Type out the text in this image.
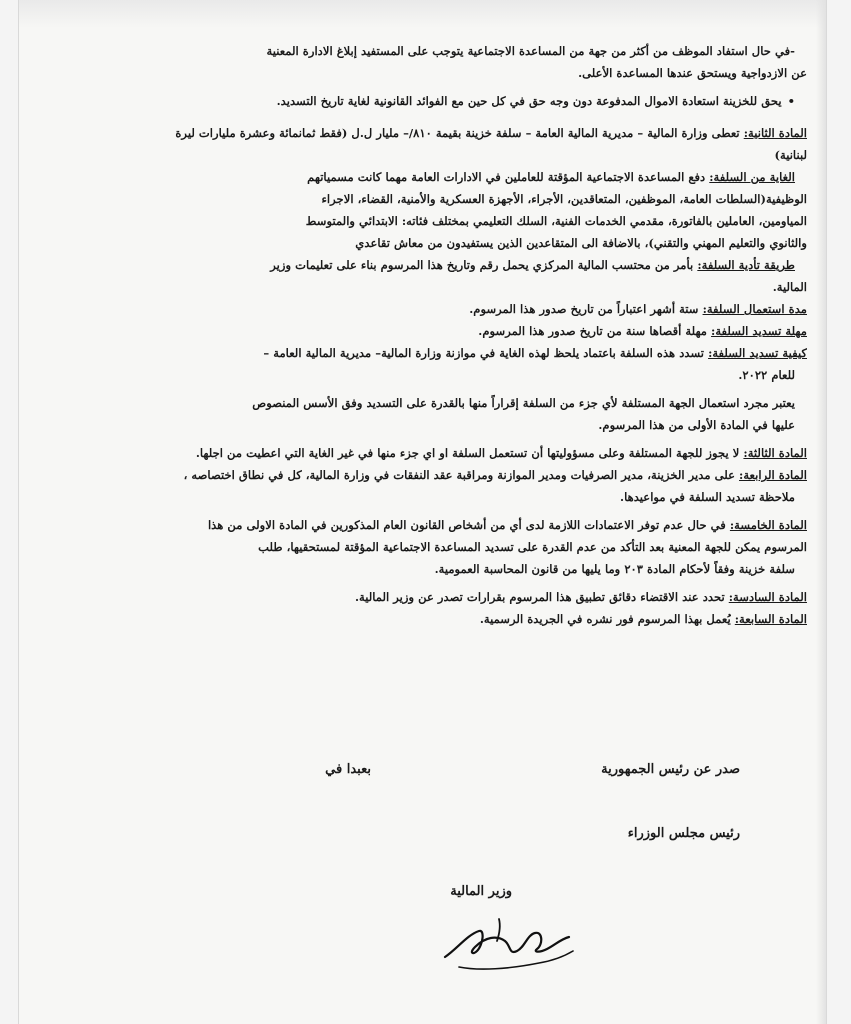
-في حال استفاد الموظف من أكثر من جهة من المساعدة الاجتماعية يتوجب على المستفيد إبلاغ الادارة المعنية
عن الازدواجية ويستحق عندها المساعدة الأعلى.
• يحق للخزينة استعادة الاموال المدفوعة دون وجه حق في كل حين مع الفوائد القانونية لغاية تاريخ التسديد.
المادة الثانية: تعطى وزارة المالية – مديرية المالية العامة – سلفة خزينة بقيمة ۸۱۰/– مليار ل.ل (فقط ثمانمائة وعشرة مليارات ليرة
لبنانية)
الغاية من السلفة: دفع المساعدة الاجتماعية المؤقتة للعاملين في الادارات العامة مهما كانت مسمياتهم
الوظيفية(السلطات العامة، الموظفين، المتعاقدين، الأجراء، الأجهزة العسكرية والأمنية، القضاء، الاجراء
المياومين، العاملين بالفاتورة، مقدمي الخدمات الفنية، السلك التعليمي بمختلف فئاته: الابتدائي والمتوسط
والثانوي والتعليم المهني والتقني)، بالاضافة الى المتقاعدين الذين يستفيدون من معاش تقاعدي
طريقة تأدية السلفة: بأمر من محتسب المالية المركزي يحمل رقم وتاريخ هذا المرسوم بناء على تعليمات وزير
المالية.
مدة استعمال السلفة: ستة أشهر اعتباراً من تاريخ صدور هذا المرسوم.
مهلة تسديد السلفة: مهلة أقصاها سنة من تاريخ صدور هذا المرسوم.
كيفية تسديد السلفة: تسدد هذه السلفة باعتماد يلحظ لهذه الغاية في موازنة وزارة المالية– مديرية المالية العامة –
للعام ۲۰۲۲.
يعتبر مجرد استعمال الجهة المستلفة لأي جزء من السلفة إقراراً منها بالقدرة على التسديد وفق الأسس المنصوص
عليها في المادة الأولى من هذا المرسوم.
المادة الثالثة: لا يجوز للجهة المستلفة وعلى مسؤوليتها أن تستعمل السلفة او اي جزء منها في غير الغاية التي اعطيت من اجلها.
المادة الرابعة: على مدير الخزينة، مدير الصرفيات ومدير الموازنة ومراقبة عقد النفقات في وزارة المالية، كل في نطاق اختصاصه ،
ملاحظة تسديد السلفة في مواعيدها.
المادة الخامسة: في حال عدم توفر الاعتمادات اللازمة لدى أي من أشخاص القانون العام المذكورين في المادة الاولى من هذا
المرسوم يمكن للجهة المعنية بعد التأكد من عدم القدرة على تسديد المساعدة الاجتماعية المؤقتة لمستحقيها، طلب
سلفة خزينة وفقاً لأحكام المادة ۲۰۳ وما يليها من قانون المحاسبة العمومية.
المادة السادسة: تحدد عند الاقتضاء دقائق تطبيق هذا المرسوم بقرارات تصدر عن وزير المالية.
المادة السابعة: يُعمل بهذا المرسوم فور نشره في الجريدة الرسمية.
صدر عن رئيس الجمهورية
بعبدا في
رئيس مجلس الوزراء
وزير المالية
